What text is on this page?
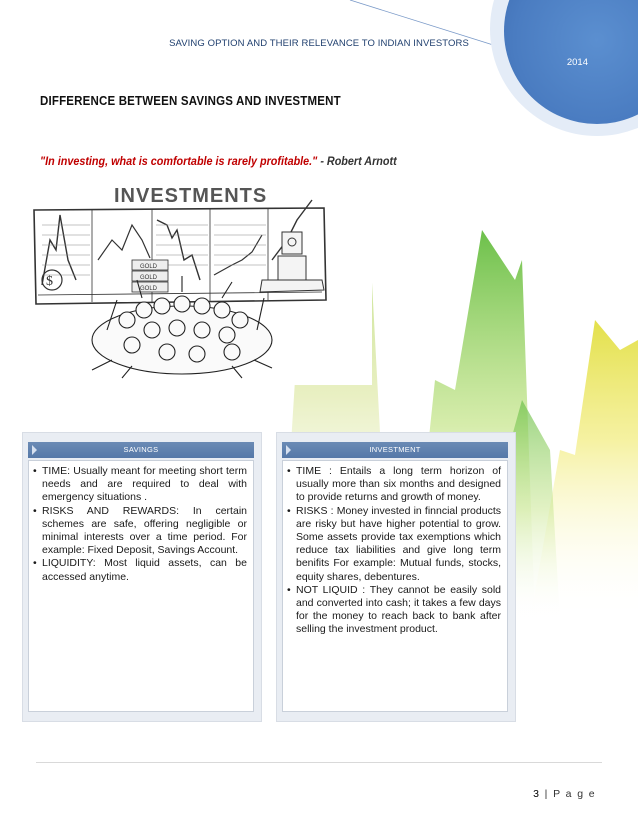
2014
SAVING OPTION AND THEIR RELEVANCE TO INDIAN INVESTORS
DIFFERENCE BETWEEN SAVINGS AND INVESTMENT
"In investing, what is comfortable is rarely profitable." - Robert Arnott
INVESTMENTS
$
GOLD
GOLD
GOLD
SAVINGS
• TIME: Usually meant for meeting short term needs and are required to deal with emergency situations .
• RISKS AND REWARDS: In certain schemes are safe, offering negligible or minimal interests over a time period. For example: Fixed Deposit, Savings Account.
• LIQUIDITY: Most liquid assets, can be accessed anytime.
INVESTMENT
• TIME : Entails a long term horizon of usually more than six months and designed to provide returns and growth of money.
• RISKS : Money invested in finncial products are risky but have higher potential to grow. Some assets provide tax exemptions which reduce tax liabilities and give long term benifits For example: Mutual funds, stocks, equity shares, debentures.
• NOT LIQUID : They cannot be easily sold and converted into cash; it takes a few days for the money to reach back to bank after selling the investment product.
3 | P a g e
